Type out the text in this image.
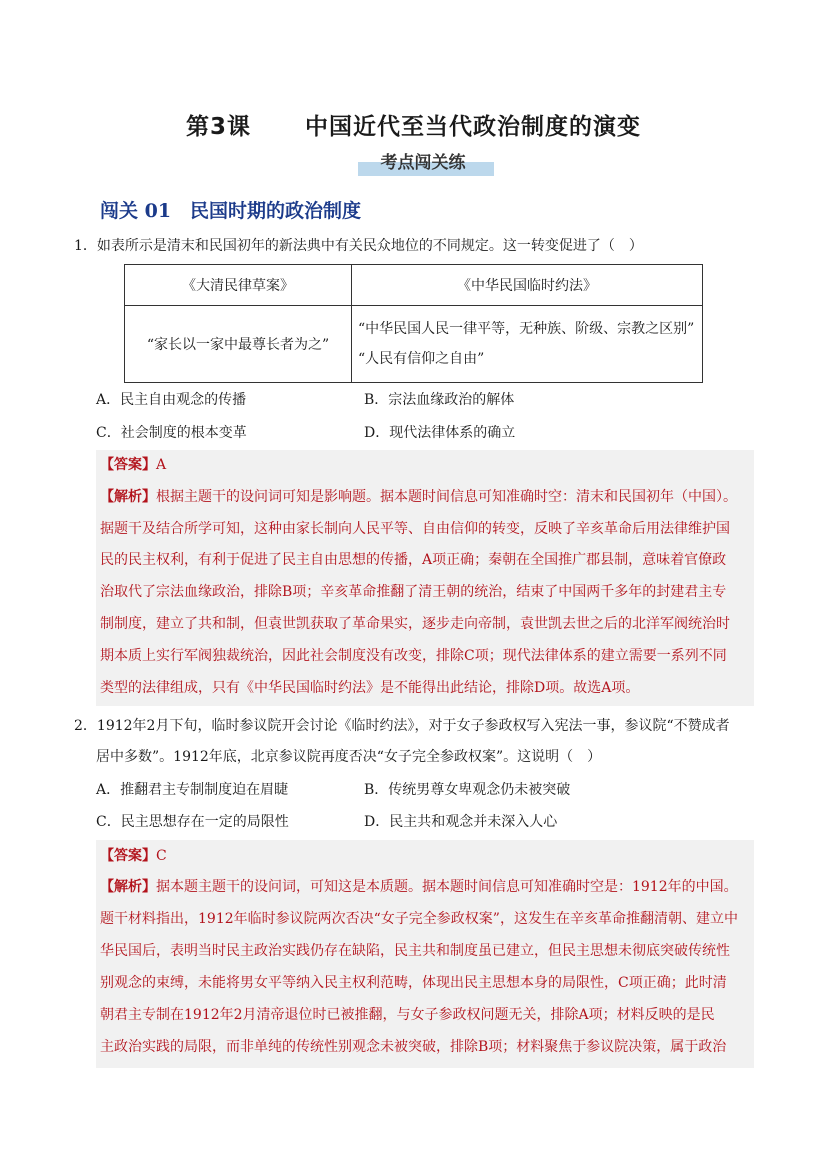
第3课 中国近代至当代政治制度的演变
考点闯关练
闯关 01　民国时期的政治制度
1．如表所示是清末和民国初年的新法典中有关民众地位的不同规定。这一转变促进了（　）
《大清民律草案》	《中华民国临时约法》
“家长以一家中最尊长者为之”	“中华民国人民一律平等，无种族、阶级、宗教之区别”
“人民有信仰之自由”
A．民主自由观念的传播	B．宗法血缘政治的解体
C．社会制度的根本变革	D．现代法律体系的确立
【答案】A
【解析】根据主题干的设问词可知是影响题。据本题时间信息可知准确时空：清末和民国初年（中国）。
据题干及结合所学可知，这种由家长制向人民平等、自由信仰的转变，反映了辛亥革命后用法律维护国
民的民主权利，有利于促进了民主自由思想的传播，A项正确；秦朝在全国推广郡县制，意味着官僚政
治取代了宗法血缘政治，排除B项；辛亥革命推翻了清王朝的统治，结束了中国两千多年的封建君主专
制制度，建立了共和制，但袁世凯获取了革命果实，逐步走向帝制，袁世凯去世之后的北洋军阀统治时
期本质上实行军阀独裁统治，因此社会制度没有改变，排除C项；现代法律体系的建立需要一系列不同
类型的法律组成，只有《中华民国临时约法》是不能得出此结论，排除D项。故选A项。
2．1912年2月下旬，临时参议院开会讨论《临时约法》，对于女子参政权写入宪法一事，参议院“不赞成者
居中多数”。1912年底，北京参议院再度否决“女子完全参政权案”。这说明（　）
A．推翻君主专制制度迫在眉睫	B．传统男尊女卑观念仍未被突破
C．民主思想存在一定的局限性	D．民主共和观念并未深入人心
【答案】C
【解析】据本题主题干的设问词，可知这是本质题。据本题时间信息可知准确时空是：1912年的中国。
题干材料指出，1912年临时参议院两次否决“女子完全参政权案”，这发生在辛亥革命推翻清朝、建立中
华民国后，表明当时民主政治实践仍存在缺陷，民主共和制度虽已建立，但民主思想未彻底突破传统性
别观念的束缚，未能将男女平等纳入民主权利范畴，体现出民主思想本身的局限性，C项正确；此时清
朝君主专制在1912年2月清帝退位时已被推翻，与女子参政权问题无关，排除A项；材料反映的是民
主政治实践的局限，而非单纯的传统性别观念未被突破，排除B项；材料聚焦于参议院决策，属于政治
